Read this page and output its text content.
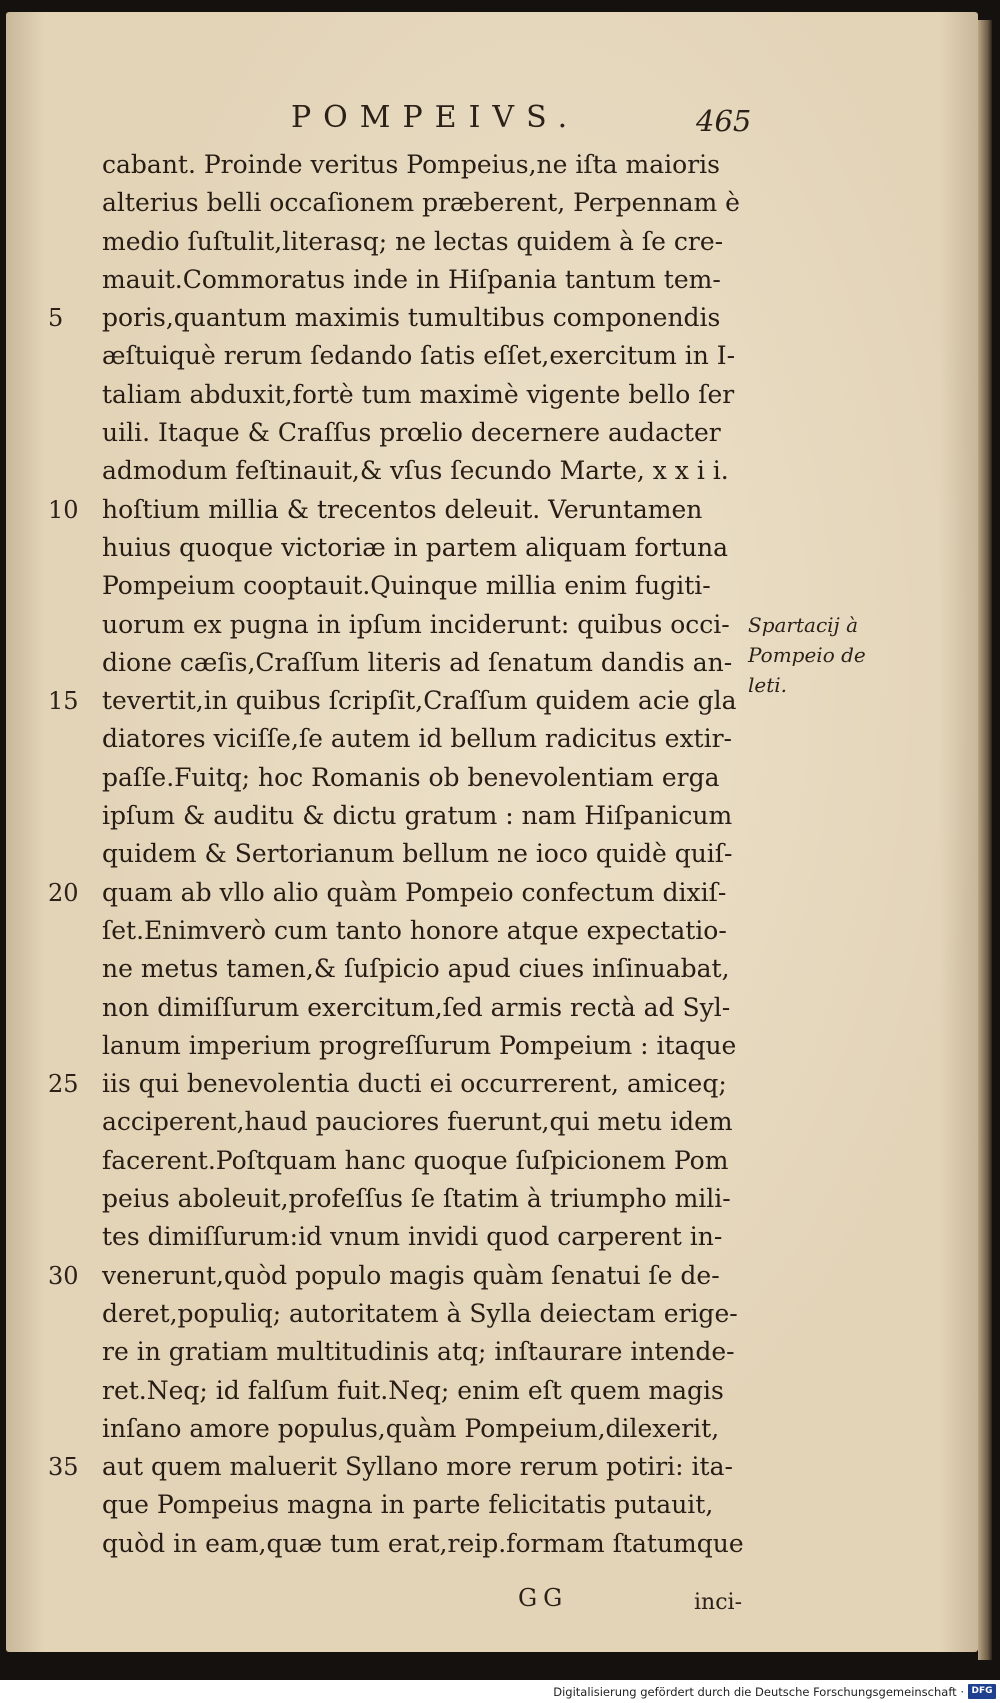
POMPEIVS.	465
cabant. Proinde veritus Pompeius,ne iſta maioris
alterius belli occaſionem præberent, Perpennam è
medio ſuſtulit,literasq; ne lectas quidem à ſe cre-
mauit.Commoratus inde in Hiſpania tantum tem-
poris,quantum maximis tumultibus componendis
æſtuiquè rerum ſedando ſatis eſſet,exercitum in I-
taliam abduxit,fortè tum maximè vigente bello ſer
uili. Itaque & Craſſus prœlio decernere audacter
admodum feſtinauit,& vſus ſecundo Marte, x x i i.
hoſtium millia & trecentos deleuit. Veruntamen
huius quoque victoriæ in partem aliquam fortuna
Pompeium cooptauit.Quinque millia enim fugiti-
uorum ex pugna in ipſum inciderunt: quibus occi-
dione cæſis,Craſſum literis ad ſenatum dandis an-
tevertit,in quibus ſcripſit,Craſſum quidem acie gla
diatores viciſſe,ſe autem id bellum radicitus extir-
paſſe.Fuitq; hoc Romanis ob benevolentiam erga
ipſum & auditu & dictu gratum : nam Hiſpanicum
quidem & Sertorianum bellum ne ioco quidè quiſ-
quam ab vllo alio quàm Pompeio confectum dixiſ-
ſet.Enimverò cum tanto honore atque expectatio-
ne metus tamen,& ſuſpicio apud ciues inſinuabat,
non dimiſſurum exercitum,ſed armis rectà ad Syl-
lanum imperium progreſſurum Pompeium : itaque
iis qui benevolentia ducti ei occurrerent, amiceq;
acciperent,haud pauciores fuerunt,qui metu idem
facerent.Poſtquam hanc quoque ſuſpicionem Pom
peius aboleuit,profeſſus ſe ſtatim à triumpho mili-
tes dimiſſurum:id vnum invidi quod carperent in-
venerunt,quòd populo magis quàm ſenatui ſe de-
deret,populiq; autoritatem à Sylla deiectam erige-
re in gratiam multitudinis atq; inſtaurare intende-
ret.Neq; id falſum fuit.Neq; enim eſt quem magis
inſano amore populus,quàm Pompeium,dilexerit,
aut quem maluerit Syllano more rerum potiri: ita-
que Pompeius magna in parte felicitatis putauit,
quòd in eam,quæ tum erat,reip.formam ſtatumque
5
10
15
20
25
30
35
Spartacij à
Pompeio de
leti.
GG	inci-
Digitalisierung gefördert durch die Deutsche Forschungsgemeinschaft · DFG
